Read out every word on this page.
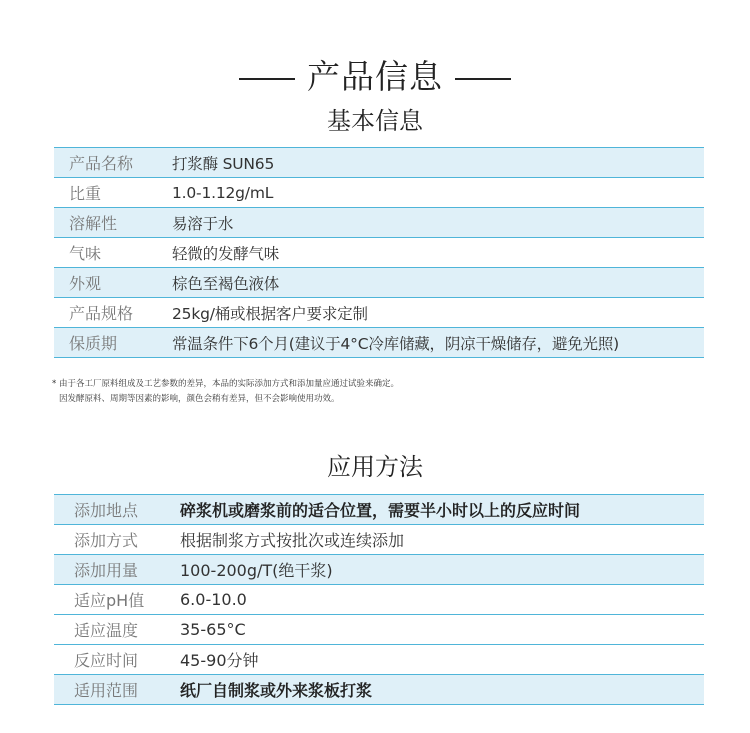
产品信息
基本信息
产品名称	打浆酶 SUN65
比重	1.0-1.12g/mL
溶解性	易溶于水
气味	轻微的发酵气味
外观	棕色至褐色液体
产品规格	25kg/桶或根据客户要求定制
保质期	常温条件下6个月(建议于4°C冷库储藏，阴凉干燥储存，避免光照)
* 由于各工厂原料组成及工艺参数的差异，本品的实际添加方式和添加量应通过试验来确定。
因发酵原料、周期等因素的影响，颜色会稍有差异，但不会影响使用功效。
应用方法
添加地点	碎浆机或磨浆前的适合位置，需要半小时以上的反应时间
添加方式	根据制浆方式按批次或连续添加
添加用量	100-200g/T(绝干浆)
适应pH值	6.0-10.0
适应温度	35-65°C
反应时间	45-90分钟
适用范围	纸厂自制浆或外来浆板打浆
